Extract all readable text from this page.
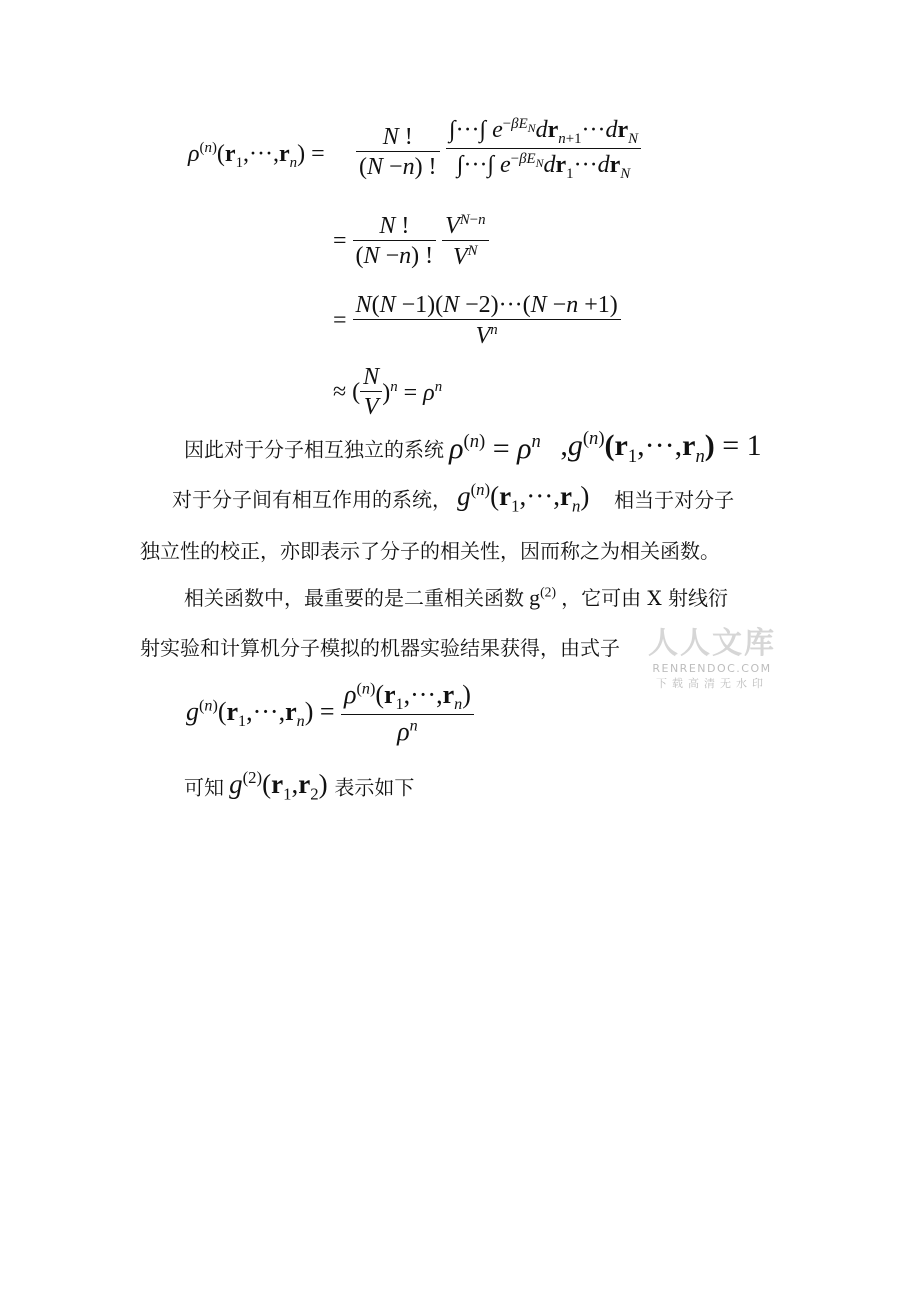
$\rho^{(n)}(r_1,\cdot\cdot\cdot,r_n) = \frac{N !}{(N -n) !}$ ∫···∫ $e^{-\beta E_N}dr_{n+1}\cdot\cdot\cdot dr_N$
∫···∫ $e^{-\beta E_N}dr_1\cdot\cdot\cdot dr_N$
= $\frac{N !}{(N -n) !}$
$\frac{V^{N-n}}{V^N}$
= $\frac{N(N -1)(N -2)\cdot\cdot\cdot(N -n +1)}{V^n}$
≈ ( $\frac{N}{V} )^n = \rho^n$
因此对于分子相互独立的系统 $\rho^{(n)} = \rho^n$ $,g^{(n)}(r_1,\cdot\cdot\cdot,r_n) = 1$
对于分子间有相互作用的系统， $g^{(n)}(r_1,\cdot\cdot\cdot,r_n)$ 相当于对分子
独立性的校正，亦即表示了分子的相关性，因而称之为相关函数。
相关函数中，最重要的是二重相关函数 $g^{(2)}$ ，它可由 X 射线衍
射实验和计算机分子模拟的机器实验结果获得，由式子
$g^{(n)}(r_1,\cdot\cdot\cdot,r_n) = \frac{\rho^{(n)}(r_1,\cdot\cdot\cdot,r_n)}{\rho^n}$
可知 $g^{(2)}(r_1,r_2)$ 表示如下
人人文库
RENRENDOC.COM
下载高清无水印
